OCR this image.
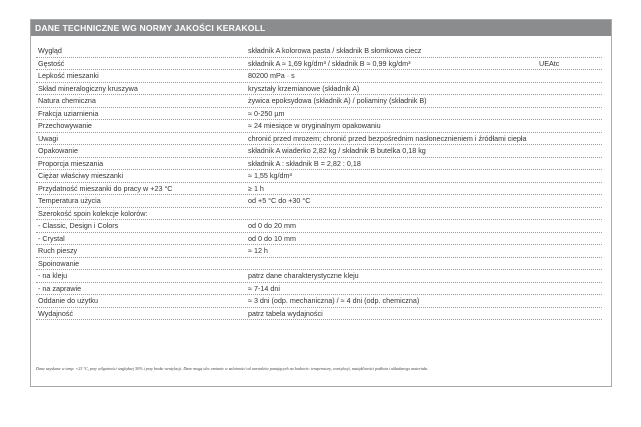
DANE TECHNICZNE WG NORMY JAKOŚCI KERAKOLL
Wygląd	składnik A kolorowa pasta / składnik B słomkowa ciecz
Gęstość	składnik A ≈ 1,69 kg/dm³ / składnik B ≈ 0,99 kg/dm³	UEAtc
Lepkość mieszanki	80200 mPa · s
Skład mineralogiczny kruszywa	kryształy krzemianowe (składnik A)
Natura chemiczna	żywica epoksydowa (składnik A) / poliaminy (składnik B)
Frakcja uziarnienia	≈ 0-250 µm
Przechowywanie	≈ 24 miesiące w oryginalnym opakowaniu
Uwagi	chronić przed mrozem; chronić przed bezpośrednim nasłonecznieniem i źródłami ciepła
Opakowanie	składnik A wiaderko 2,82 kg / składnik B butelka 0,18 kg
Proporcja mieszania	składnik A : składnik B = 2,82 : 0,18
Ciężar właściwy mieszanki	≈ 1,55 kg/dm³
Przydatność mieszanki do pracy w +23 °C	≥ 1 h
Temperatura użycia	od +5 °C do +30 °C
Szerokość spoin kolekcje kolorów:
- Classic, Design i Colors	od 0 do 20 mm
- Crystal	od 0 do 10 mm
Ruch pieszy	≈ 12 h
Spoinowanie
- na kleju	patrz dane charakterystyczne kleju
- na zaprawie	≈ 7-14 dni
Oddanie do użytku	≈ 3 dni (odp. mechaniczna) / ≈ 4 dni (odp. chemiczna)
Wydajność	patrz tabela wydajności
Dane uzyskane w temp. +23 °C, przy wilgotności względnej 50% i przy braku wentylacji. Dane mogą ulec zmianie w zależności od warunków panujących na budowie: temperatury, wentylacji, nasiąkliwości podłoża i układanego materiału.
